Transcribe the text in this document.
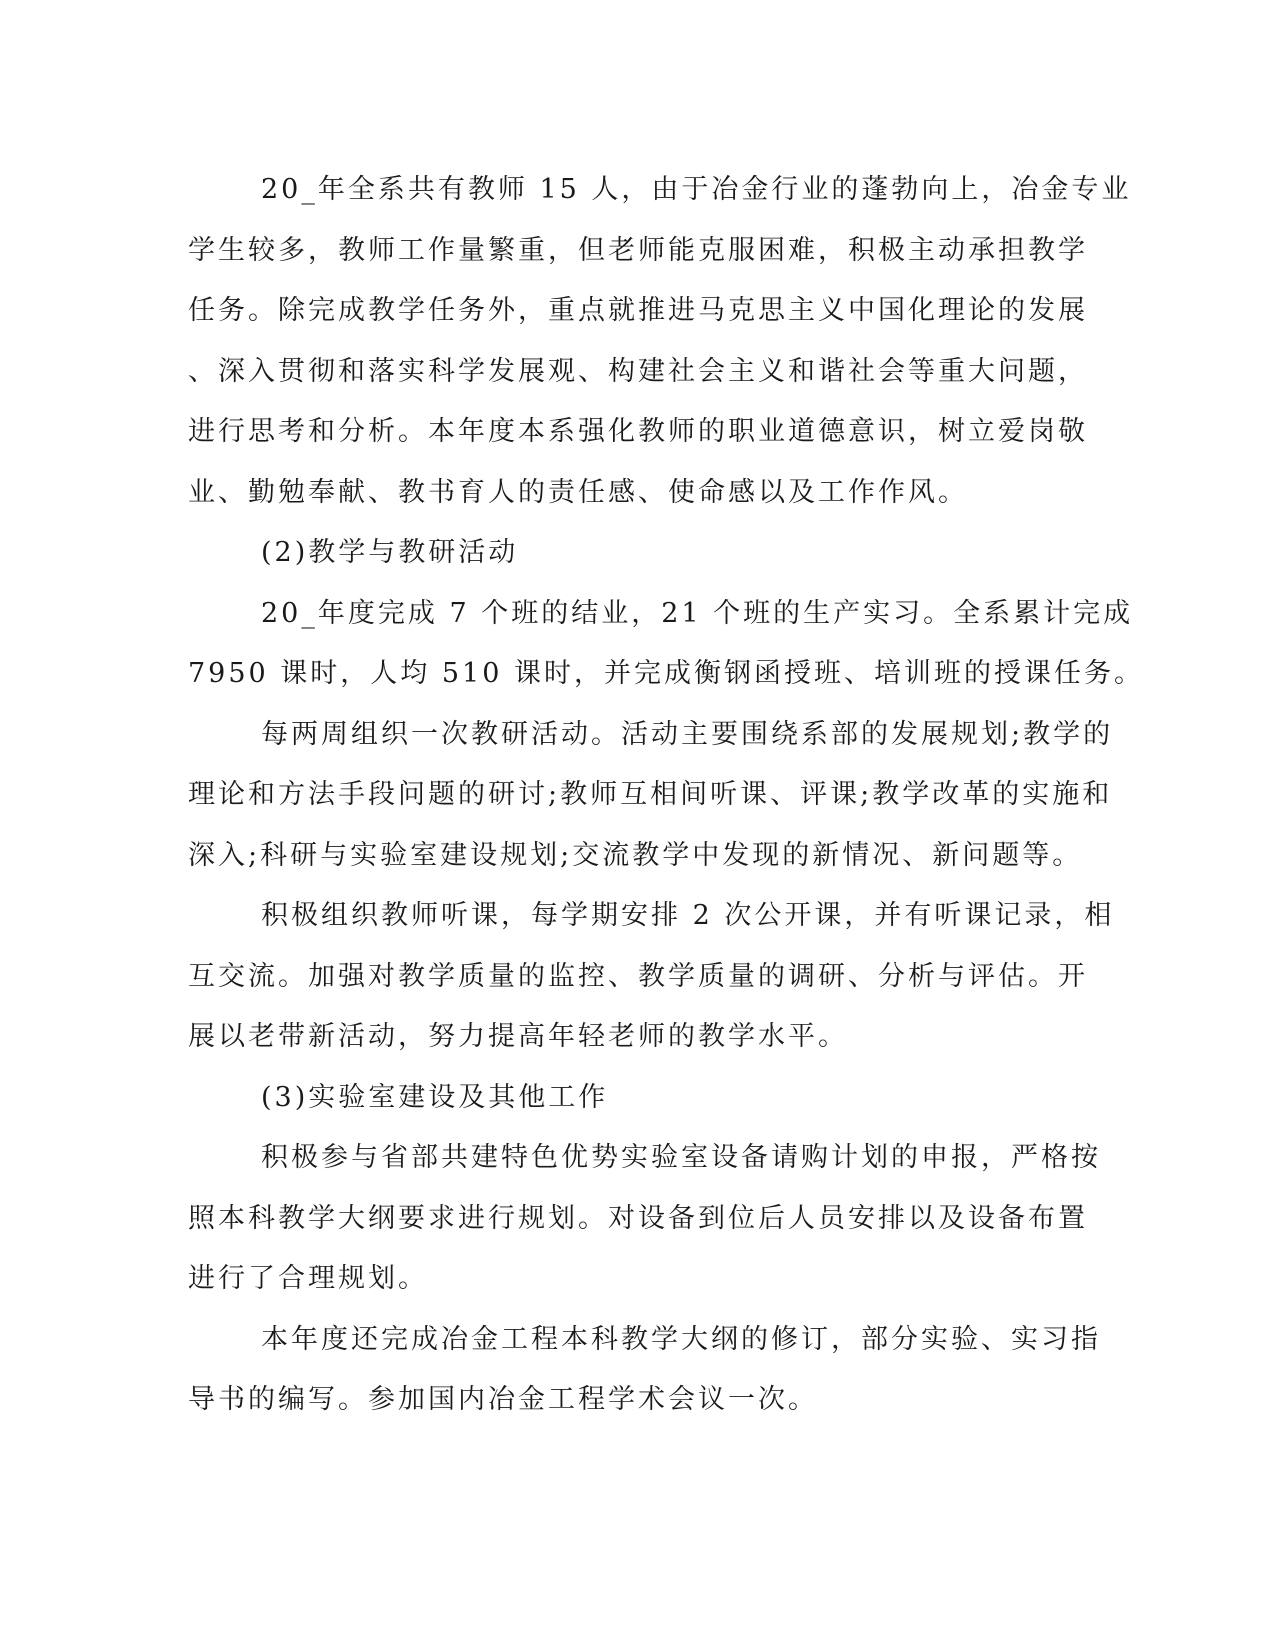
20_年全系共有教师 15 人，由于冶金行业的蓬勃向上，冶金专业
学生较多，教师工作量繁重，但老师能克服困难，积极主动承担教学
任务。除完成教学任务外，重点就推进马克思主义中国化理论的发展
、深入贯彻和落实科学发展观、构建社会主义和谐社会等重大问题，
进行思考和分析。本年度本系强化教师的职业道德意识，树立爱岗敬
业、勤勉奉献、教书育人的责任感、使命感以及工作作风。

(2)教学与教研活动

20_年度完成 7 个班的结业，21 个班的生产实习。全系累计完成
7950 课时，人均 510 课时，并完成衡钢函授班、培训班的授课任务。

每两周组织一次教研活动。活动主要围绕系部的发展规划;教学的
理论和方法手段问题的研讨;教师互相间听课、评课;教学改革的实施和
深入;科研与实验室建设规划;交流教学中发现的新情况、新问题等。

积极组织教师听课，每学期安排 2 次公开课，并有听课记录，相
互交流。加强对教学质量的监控、教学质量的调研、分析与评估。开
展以老带新活动，努力提高年轻老师的教学水平。

(3)实验室建设及其他工作

积极参与省部共建特色优势实验室设备请购计划的申报，严格按
照本科教学大纲要求进行规划。对设备到位后人员安排以及设备布置
进行了合理规划。

本年度还完成冶金工程本科教学大纲的修订，部分实验、实习指
导书的编写。参加国内冶金工程学术会议一次。
